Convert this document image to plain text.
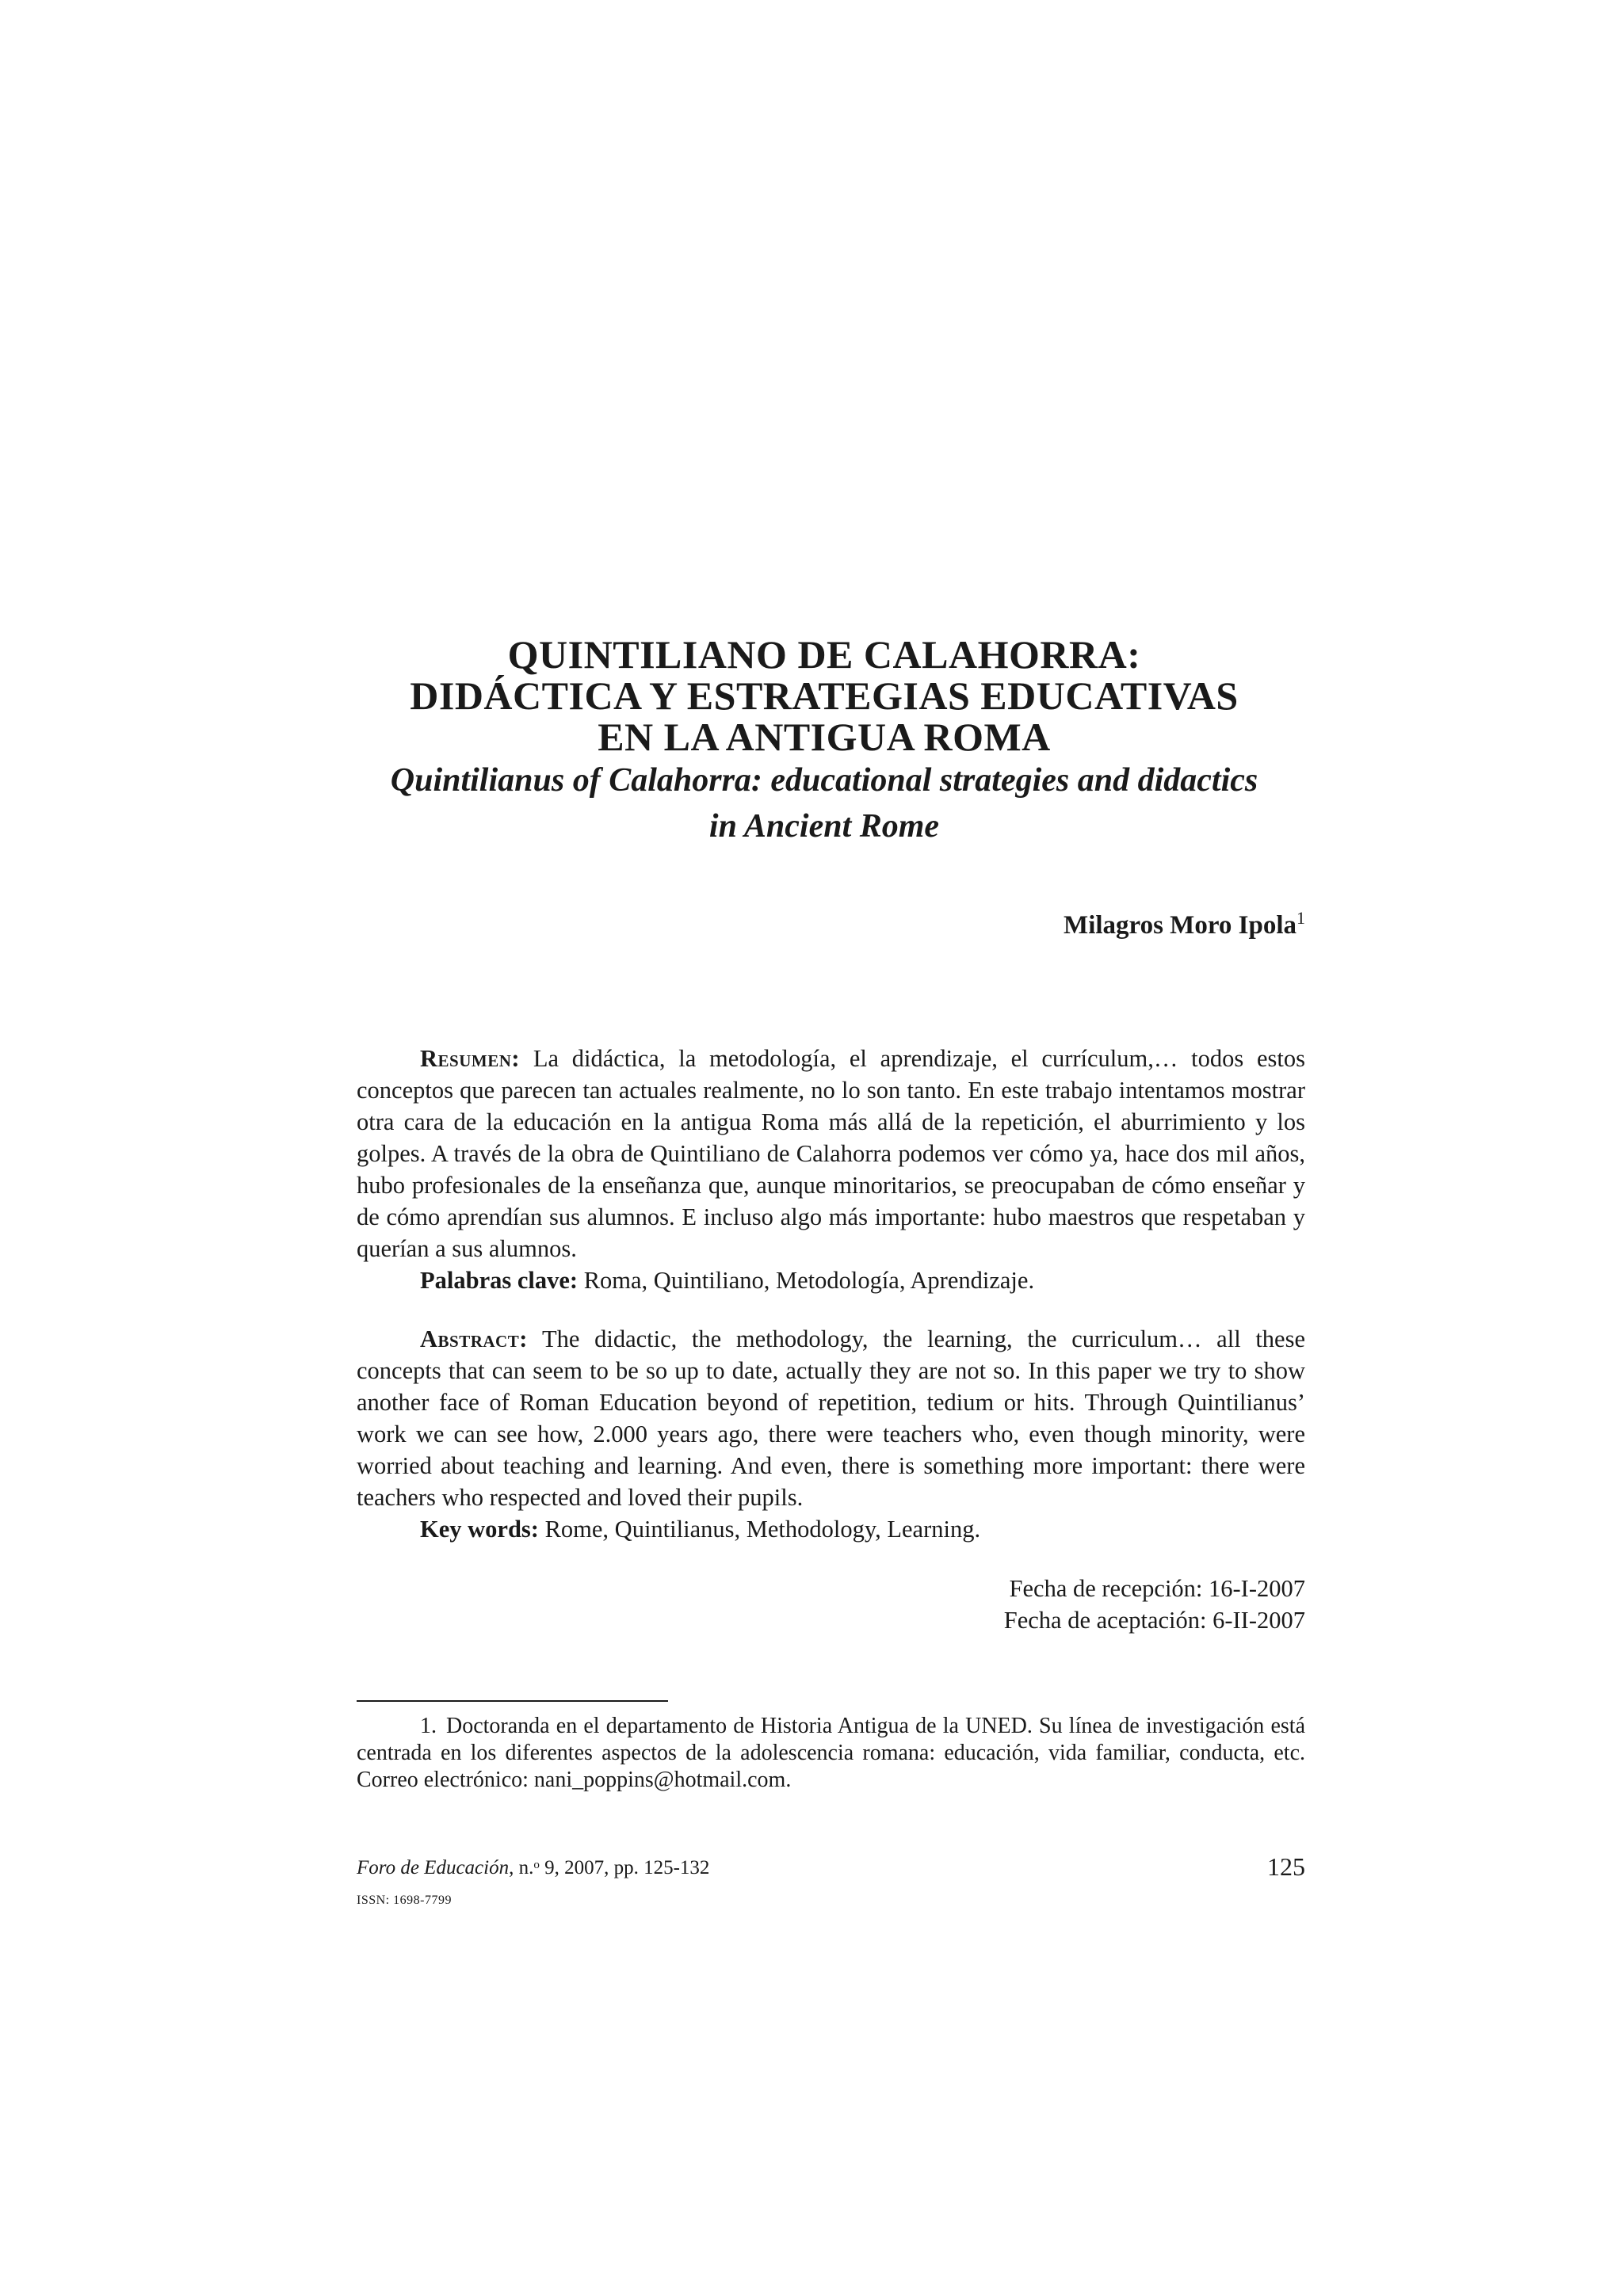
QUINTILIANO DE CALAHORRA:
DIDÁCTICA Y ESTRATEGIAS EDUCATIVAS
EN LA ANTIGUA ROMA
Quintilianus of Calahorra: educational strategies and didactics
in Ancient Rome
Milagros Moro Ipola$^1$

Resumen: La didáctica, la metodología, el aprendizaje, el currículum,… todos estos conceptos que parecen tan actuales realmente, no lo son tanto. En este trabajo intentamos mostrar otra cara de la educación en la antigua Roma más allá de la repetición, el aburrimiento y los golpes. A través de la obra de Quintiliano de Calahorra podemos ver cómo ya, hace dos mil años, hubo profesionales de la enseñanza que, aunque minoritarios, se preocupaban de cómo enseñar y de cómo aprendían sus alumnos. E incluso algo más importante: hubo maestros que respetaban y querían a sus alumnos.

Palabras clave: Roma, Quintiliano, Metodología, Aprendizaje.

Abstract: The didactic, the methodology, the learning, the curriculum… all these concepts that can seem to be so up to date, actually they are not so. In this paper we try to show another face of Roman Education beyond of repetition, tedium or hits. Through Quintilianus’ work we can see how, 2.000 years ago, there were teachers who, even though minority, were worried about teaching and learning. And even, there is something more important: there were teachers who respected and loved their pupils.

Key words: Rome, Quintilianus, Methodology, Learning.

Fecha de recepción: 16-I-2007
Fecha de aceptación: 6-II-2007
1. Doctoranda en el departamento de Historia Antigua de la UNED. Su línea de investigación está centrada en los diferentes aspectos de la adolescencia romana: educación, vida familiar, conducta, etc. Correo electrónico: nani_poppins@hotmail.com.
Foro de Educación, n.$^o$ 9, 2007, pp. 125-132
ISSN: 1698-7799
125
